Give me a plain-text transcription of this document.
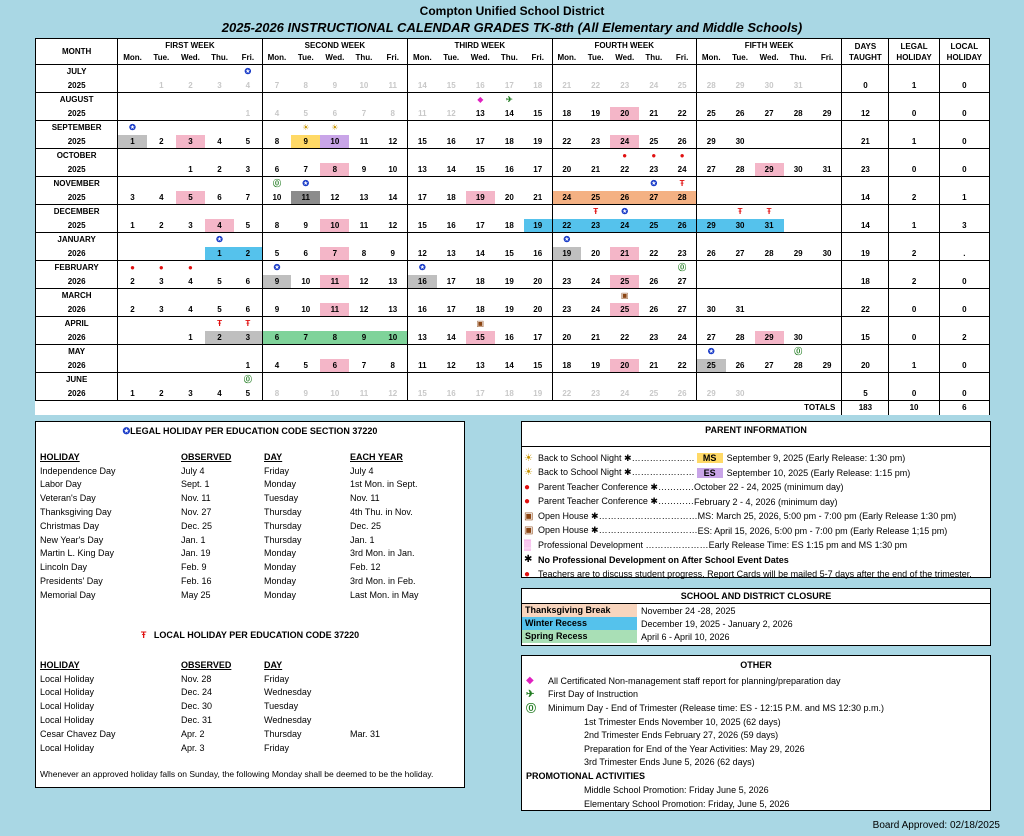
Compton Unified School District
2025-2026 INSTRUCTIONAL CALENDAR GRADES TK-8th (All Elementary and Middle Schools)
MONTH	FIRST WEEK					SECOND WEEK					THIRD WEEK					FOURTH WEEK					FIFTH WEEK					DAYS TAUGHT	LEGAL HOLIDAY	LOCAL HOLIDAY
	Mon.	Tue.	Wed.	Thu.	Fri.	Mon.	Tue.	Wed.	Thu.	Fri.	Mon.	Tue.	Wed.	Thu.	Fri.	Mon.	Tue.	Wed.	Thu.	Fri.	Mon.	Tue.	Wed.	Thu.	Fri.			
JULY					✪																							
2025		1	2	3	4	7	8	9	10	11	14	15	16	17	18	21	22	23	24	25	28	29	30	31		0	1	0
AUGUST													◆	✈														
2025					1	4	5	6	7	8	11	12	13	14	15	18	19	20	21	22	25	26	27	28	29	12	0	0
SEPTEMBER	✪						☀	☀																				
2025	1	2	3	4	5	8	9	10	11	12	15	16	17	18	19	22	23	24	25	26	29	30				21	1	0
OCTOBER																		●	●	●								
2025			1	2	3	6	7	8	9	10	13	14	15	16	17	20	21	22	23	24	27	28	29	30	31	23	0	0
NOVEMBER						⓪	✪												✪	Ŧ								
2025	3	4	5	6	7	10	11	12	13	14	17	18	19	20	21	24	25	26	27	28						14	2	1
DECEMBER																	Ŧ	✪				Ŧ	Ŧ					
2025	1	2	3	4	5	8	9	10	11	12	15	16	17	18	19	22	23	24	25	26	29	30	31			14	1	3
JANUARY				✪												✪												
2026				1	2	5	6	7	8	9	12	13	14	15	16	19	20	21	22	23	26	27	28	29	30	19	2	.
FEBRUARY	●	●	●			✪					✪									⓪								
2026	2	3	4	5	6	9	10	11	12	13	16	17	18	19	20	23	24	25	26	27						18	2	0
MARCH																		▣										
2026	2	3	4	5	6	9	10	11	12	13	16	17	18	19	20	23	24	25	26	27	30	31				22	0	0
APRIL				Ŧ	Ŧ								▣															
2026			1	2	3	6	7	8	9	10	13	14	15	16	17	20	21	22	23	24	27	28	29	30		15	0	2
MAY																					✪			⓪				
2026					1	4	5	6	7	8	11	12	13	14	15	18	19	20	21	22	25	26	27	28	29	20	1	0
JUNE					⓪																							
2026	1	2	3	4	5	8	9	10	11	12	15	16	17	18	19	22	23	24	25	26	29	30				5	0	0
TOTALS																										183	10	6
✪LEGAL HOLIDAY PER EDUCATION CODE SECTION 37220
HOLIDAY	OBSERVED	DAY	EACH YEAR
Independence Day	July 4	Friday	July 4
Labor Day	Sept. 1	Monday	1st Mon. in Sept.
Veteran's Day	Nov. 11	Tuesday	Nov. 11
Thanksgiving Day	Nov. 27	Thursday	4th Thu. in Nov.
Christmas Day	Dec. 25	Thursday	Dec. 25
New Year's Day	Jan. 1	Thursday	Jan. 1
Martin L. King Day	Jan. 19	Monday	3rd Mon. in Jan.
Lincoln Day	Feb. 9	Monday	Feb. 12
Presidents' Day	Feb. 16	Monday	3rd Mon. in Feb.
Memorial Day	May 25	Monday	Last Mon. in May
Ŧ LOCAL HOLIDAY PER EDUCATION CODE 37220
HOLIDAY	OBSERVED	DAY
Local Holiday	Nov. 28	Friday
Local Holiday	Dec. 24	Wednesday
Local Holiday	Dec. 30	Tuesday
Local Holiday	Dec. 31	Wednesday
Cesar Chavez Day	Apr. 2	Thursday	Mar. 31
Local Holiday	Apr. 3	Friday
Whenever an approved holiday falls on Sunday, the following Monday shall be deemed to be the holiday.
PARENT INFORMATION
☀ Back to School Night ✱………………… MS	September 9, 2025 (Early Release: 1:30 pm)
☀ Back to School Night ✱………………… ES	September 10, 2025 (Early Release: 1:15 pm)
● Parent Teacher Conference ✱………… October 22 - 24, 2025 (minimum day)
● Parent Teacher Conference ✱………… February 2 - 4, 2026 (minimum day)
▣ Open House ✱…………………………… MS: March 25, 2026, 5:00 pm - 7:00 pm (Early Release 1:30 pm)
▣ Open House ✱…………………………… ES: April 15, 2026, 5:00 pm - 7:00 pm (Early Release 1;15 pm)
▒ Professional Development ………………… Early Release Time: ES 1:15 pm and MS 1:30 pm
✱ No Professional Development on After School Event Dates
● Teachers are to discuss student progress. Report Cards will be mailed 5-7 days after the end of the trimester.
SCHOOL AND DISTRICT CLOSURE
Thanksgiving Break	November 24 -28, 2025
Winter Recess	December 19, 2025 - January 2, 2026
Spring Recess	April 6 - April 10, 2026
OTHER
◆	All Certificated Non-management staff report for planning/preparation day
✈	First Day of Instruction
⓪	Minimum Day - End of Trimester (Release time: ES - 12:15 P.M. and MS 12:30 p.m.)
1st Trimester Ends November 10, 2025 (62 days)
2nd Trimester Ends February 27, 2026 (59 days)
Preparation for End of the Year Activities: May 29, 2026
3rd Trimester Ends June 5, 2026 (62 days)
PROMOTIONAL ACTIVITIES
Middle School Promotion: Friday June 5, 2026
Elementary School Promotion: Friday, June 5, 2026
Board Approved: 02/18/2025
